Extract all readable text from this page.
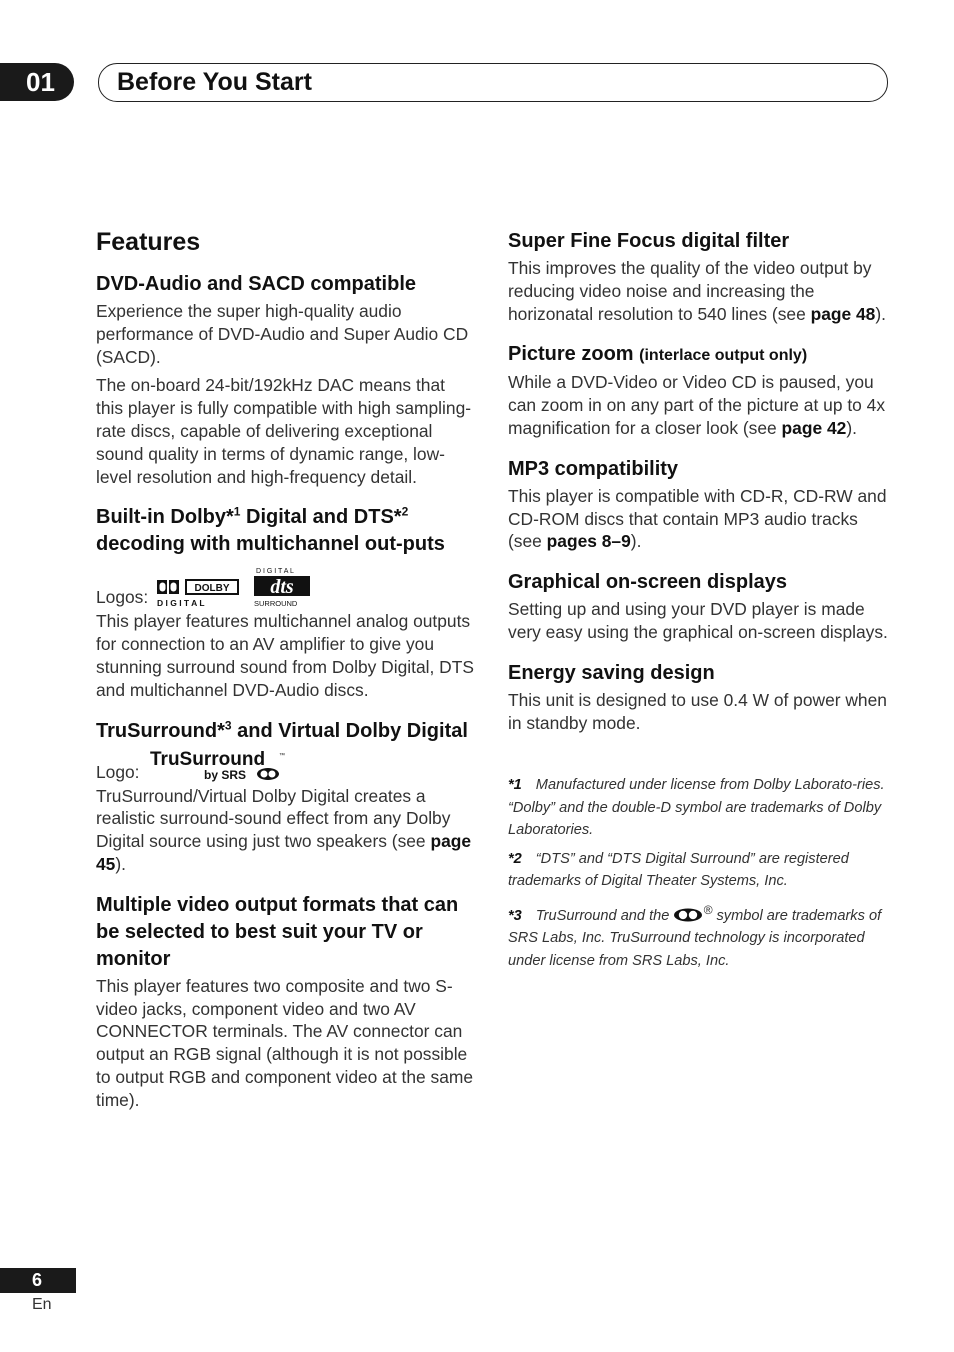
01	Before You Start
Features
DVD-Audio and SACD compatible

Experience the super high-quality audio performance of DVD-Audio and Super Audio CD (SACD).

The on-board 24-bit/192kHz DAC means that this player is fully compatible with high sampling-rate discs, capable of delivering exceptional sound quality in terms of dynamic range, low-level resolution and high-frequency detail.

Built-in Dolby*$^1$ Digital and DTS*$^2$ decoding with multichannel out-puts
Logos:	DOLBY
D I G I T A L
D I G I T A L
dts
SURROUND

This player features multichannel analog outputs for connection to an AV amplifier to give you stunning surround sound from Dolby Digital, DTS and multichannel DVD-Audio discs.

TruSurround*$^3$ and Virtual Dolby Digital
Logo:
TruSurround ™
by SRS

TruSurround/Virtual Dolby Digital creates a realistic surround-sound effect from any Dolby Digital source using just two speakers (see page 45).

Multiple video output formats that can be selected to best suit your TV or monitor

This player features two composite and two S-video jacks, component video and two AV CONNECTOR terminals. The AV connector can output an RGB signal (although it is not possible to output RGB and component video at the same time).

Super Fine Focus digital filter

This improves the quality of the video output by reducing video noise and increasing the horizonatal resolution to 540 lines (see page 48).

Picture zoom (interlace output only)

While a DVD-Video or Video CD is paused, you can zoom in on any part of the picture at up to 4x magnification for a closer look (see page 42).

MP3 compatibility

This player is compatible with CD-R, CD-RW and CD-ROM discs that contain MP3 audio tracks (see pages 8–9).

Graphical on-screen displays

Setting up and using your DVD player is made very easy using the graphical on-screen displays.

Energy saving design

This unit is designed to use 0.4 W of power when in standby mode.

*1 Manufactured under license from Dolby Laborato-ries. “Dolby” and the double-D symbol are trademarks of Dolby Laboratories.
*2 “DTS” and “DTS Digital Surround” are registered trademarks of Digital Theater Systems, Inc.
*3 TruSurround and the ® symbol are trademarks of SRS Labs, Inc. TruSurround technology is incorporated under license from SRS Labs, Inc.
6
En
